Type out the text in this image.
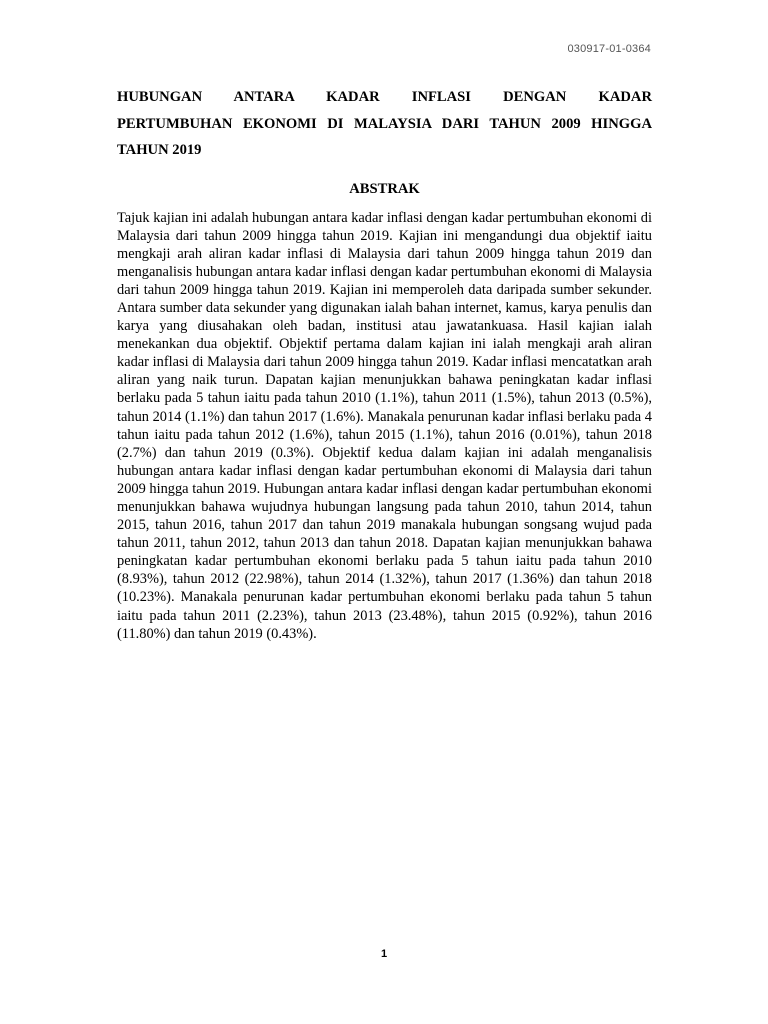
030917-01-0364
HUBUNGAN ANTARA KADAR INFLASI DENGAN KADAR
PERTUMBUHAN EKONOMI DI MALAYSIA DARI TAHUN 2009 HINGGA
TAHUN 2019
ABSTRAK

Tajuk kajian ini adalah hubungan antara kadar inflasi dengan kadar pertumbuhan ekonomi di Malaysia dari tahun 2009 hingga tahun 2019. Kajian ini mengandungi dua objektif iaitu mengkaji arah aliran kadar inflasi di Malaysia dari tahun 2009 hingga tahun 2019 dan menganalisis hubungan antara kadar inflasi dengan kadar pertumbuhan ekonomi di Malaysia dari tahun 2009 hingga tahun 2019. Kajian ini memperoleh data daripada sumber sekunder. Antara sumber data sekunder yang digunakan ialah bahan internet, kamus, karya penulis dan karya yang diusahakan oleh badan, institusi atau jawatankuasa. Hasil kajian ialah menekankan dua objektif. Objektif pertama dalam kajian ini ialah mengkaji arah aliran kadar inflasi di Malaysia dari tahun 2009 hingga tahun 2019. Kadar inflasi mencatatkan arah aliran yang naik turun. Dapatan kajian menunjukkan bahawa peningkatan kadar inflasi berlaku pada 5 tahun iaitu pada tahun 2010 (1.1%), tahun 2011 (1.5%), tahun 2013 (0.5%), tahun 2014 (1.1%) dan tahun 2017 (1.6%). Manakala penurunan kadar inflasi berlaku pada 4 tahun iaitu pada tahun 2012 (1.6%), tahun 2015 (1.1%), tahun 2016 (0.01%), tahun 2018 (2.7%) dan tahun 2019 (0.3%). Objektif kedua dalam kajian ini adalah menganalisis hubungan antara kadar inflasi dengan kadar pertumbuhan ekonomi di Malaysia dari tahun 2009 hingga tahun 2019. Hubungan antara kadar inflasi dengan kadar pertumbuhan ekonomi menunjukkan bahawa wujudnya hubungan langsung pada tahun 2010, tahun 2014, tahun 2015, tahun 2016, tahun 2017 dan tahun 2019 manakala hubungan songsang wujud pada tahun 2011, tahun 2012, tahun 2013 dan tahun 2018. Dapatan kajian menunjukkan bahawa peningkatan kadar pertumbuhan ekonomi berlaku pada 5 tahun iaitu pada tahun 2010 (8.93%), tahun 2012 (22.98%), tahun 2014 (1.32%), tahun 2017 (1.36%) dan tahun 2018 (10.23%). Manakala penurunan kadar pertumbuhan ekonomi berlaku pada tahun 5 tahun iaitu pada tahun 2011 (2.23%), tahun 2013 (23.48%), tahun 2015 (0.92%), tahun 2016 (11.80%) dan tahun 2019 (0.43%).

1
